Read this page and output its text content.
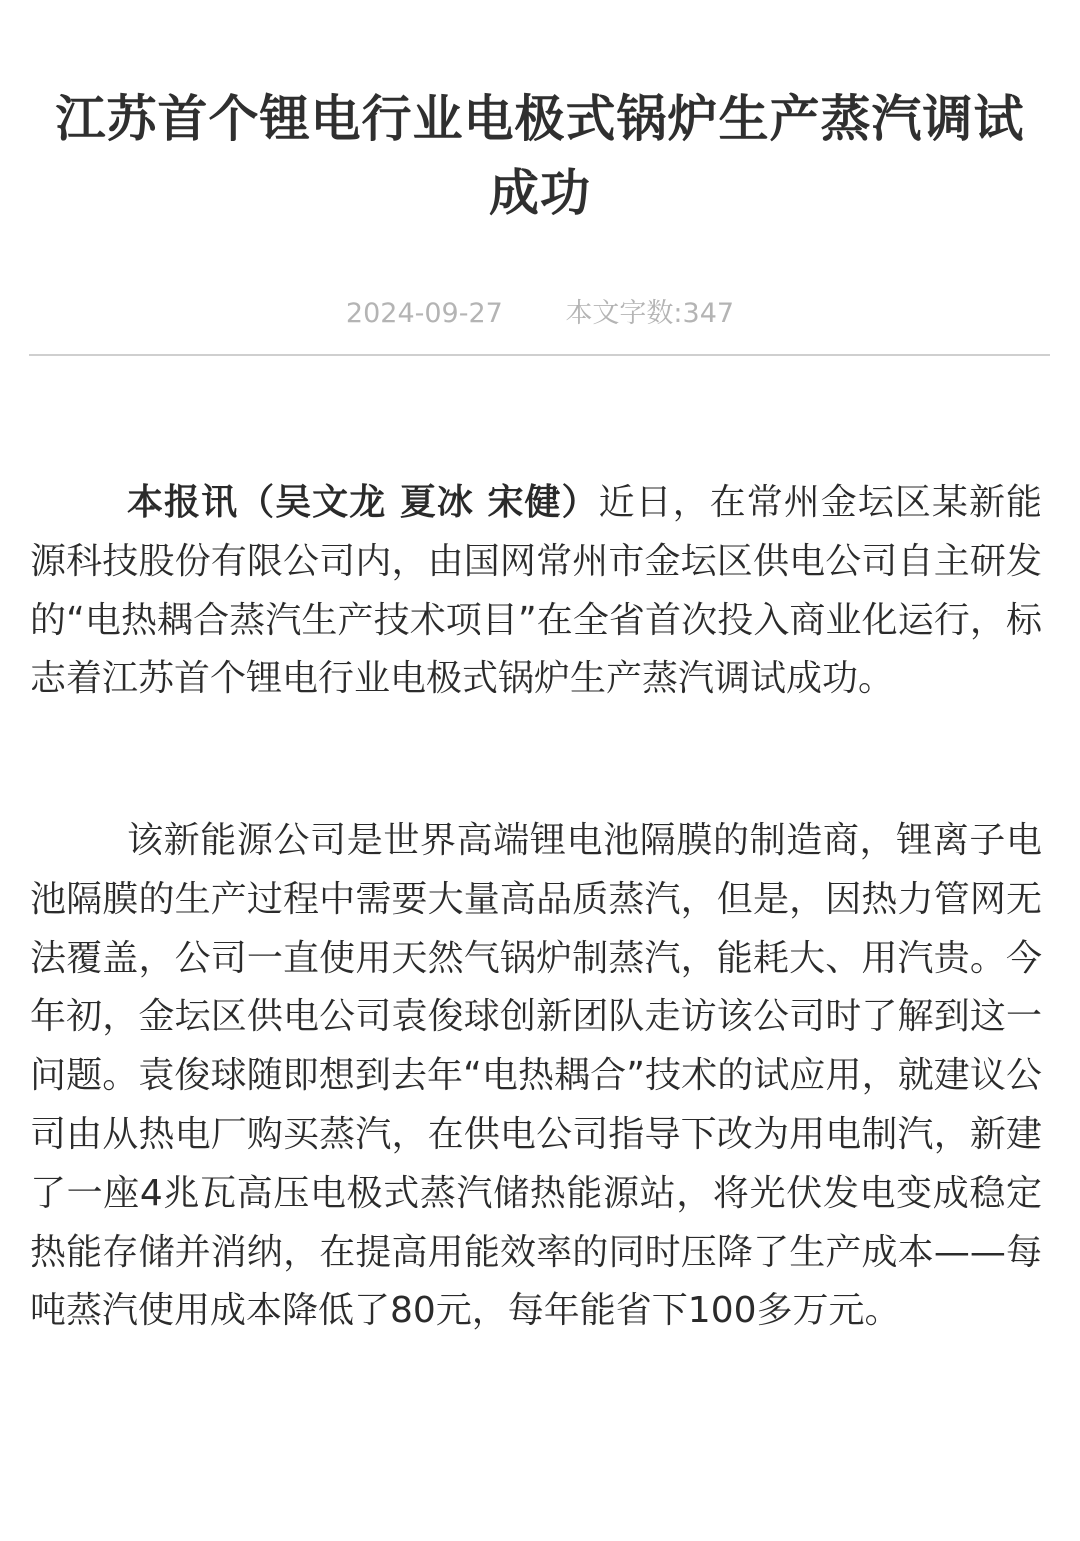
江苏首个锂电行业电极式锅炉生产蒸汽调试成功
2024-09-27 本文字数:347

本报讯（吴文龙 夏冰 宋健）近日，在常州金坛区某新能源科技股份有限公司内，由国网常州市金坛区供电公司自主研发的“电热耦合蒸汽生产技术项目”在全省首次投入商业化运行，标志着江苏首个锂电行业电极式锅炉生产蒸汽调试成功。

该新能源公司是世界高端锂电池隔膜的制造商，锂离子电池隔膜的生产过程中需要大量高品质蒸汽，但是，因热力管网无法覆盖，公司一直使用天然气锅炉制蒸汽，能耗大、用汽贵。今年初，金坛区供电公司袁俊球创新团队走访该公司时了解到这一问题。袁俊球随即想到去年“电热耦合”技术的试应用，就建议公司由从热电厂购买蒸汽，在供电公司指导下改为用电制汽，新建了一座4兆瓦高压电极式蒸汽储热能源站，将光伏发电变成稳定热能存储并消纳，在提高用能效率的同时压降了生产成本——每吨蒸汽使用成本降低了80元，每年能省下100多万元。
